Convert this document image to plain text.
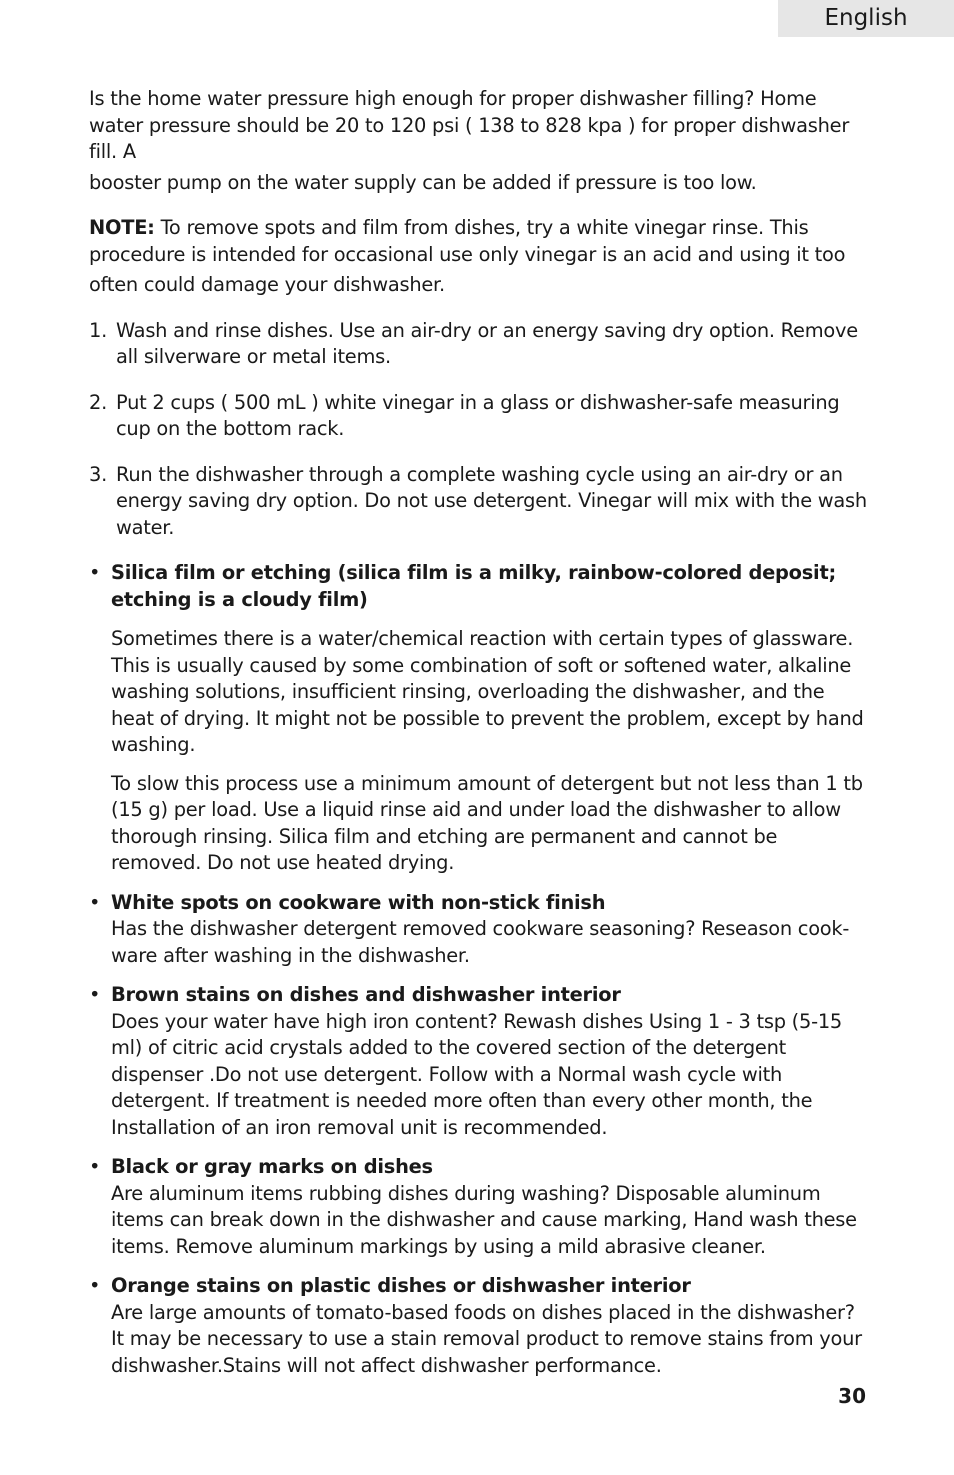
English

Is the home water pressure high enough for proper dishwasher filling? Home water pressure should be 20 to 120 psi ( 138 to 828 kpa ) for proper dishwasher fill. A
booster pump on the water supply can be added if pressure is too low.

NOTE: To remove spots and film from dishes, try a white vinegar rinse. This procedure is intended for occasional use only vinegar is an acid and using it too
often could damage your dishwasher.

1. Wash and rinse dishes. Use an air-dry or an energy saving dry option. Remove all silverware or metal items.
2. Put 2 cups ( 500 mL ) white vinegar in a glass or dishwasher-safe measuring cup on the bottom rack.
3. Run the dishwasher through a complete washing cycle using an air-dry or an energy saving dry option. Do not use detergent. Vinegar will mix with the wash water.
• Silica film or etching (silica film is a milky, rainbow-colored deposit; etching is a cloudy film)

Sometimes there is a water/chemical reaction with certain types of glassware. This is usually caused by some combination of soft or softened water, alkaline washing solutions, insufficient rinsing, overloading the dishwasher, and the heat of drying. It might not be possible to prevent the problem, except by hand washing.

To slow this process use a minimum amount of detergent but not less than 1 tb (15 g) per load. Use a liquid rinse aid and under load the dishwasher to allow thorough rinsing. Silica film and etching are permanent and cannot be removed. Do not use heated drying.

• White spots on cookware with non-stick finish

Has the dishwasher detergent removed cookware seasoning? Reseason cook-ware after washing in the dishwasher.

• Brown stains on dishes and dishwasher interior

Does your water have high iron content? Rewash dishes Using 1 - 3 tsp (5-15 ml) of citric acid crystals added to the covered section of the detergent dispenser .Do not use detergent. Follow with a Normal wash cycle with detergent. If treatment is needed more often than every other month, the Installation of an iron removal unit is recommended.

• Black or gray marks on dishes

Are aluminum items rubbing dishes during washing? Disposable aluminum items can break down in the dishwasher and cause marking, Hand wash these items. Remove aluminum markings by using a mild abrasive cleaner.

• Orange stains on plastic dishes or dishwasher interior

Are large amounts of tomato-based foods on dishes placed in the dishwasher? It may be necessary to use a stain removal product to remove stains from your dishwasher.Stains will not affect dishwasher performance.

30
